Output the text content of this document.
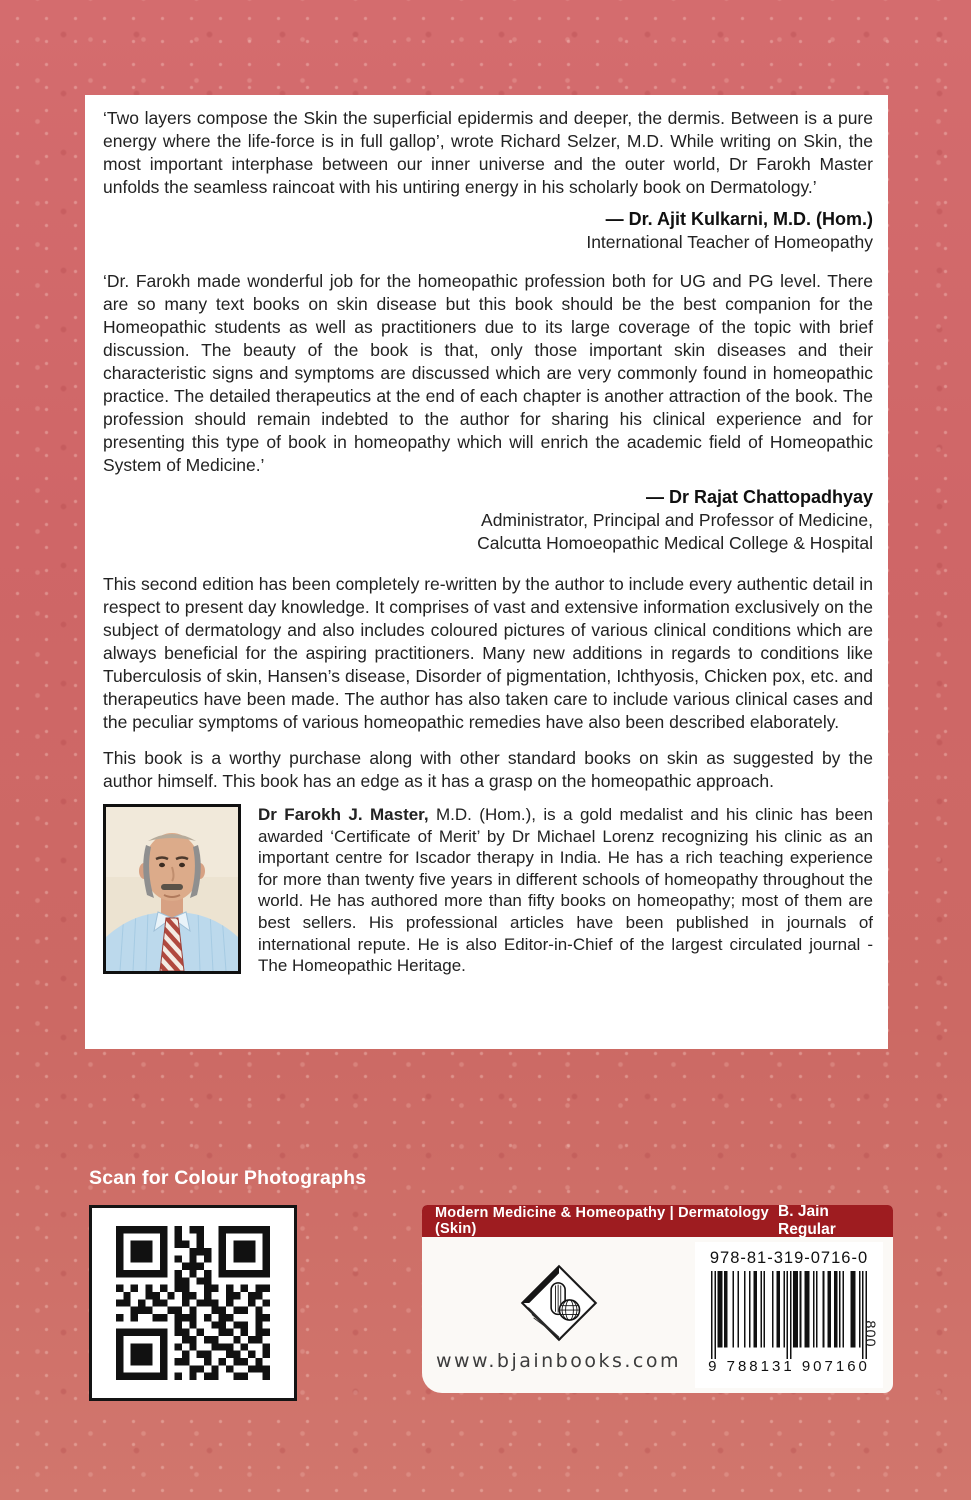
‘Two layers compose the Skin the superficial epidermis and deeper, the dermis. Between is a pure energy where the life-force is in full gallop’, wrote Richard Selzer, M.D. While writing on Skin, the most important interphase between our inner universe and the outer world, Dr Farokh Master unfolds the seamless raincoat with his untiring energy in his scholarly book on Dermatology.’

— Dr. Ajit Kulkarni, M.D. (Hom.)

International Teacher of Homeopathy

‘Dr. Farokh made wonderful job for the homeopathic profession both for UG and PG level. There are so many text books on skin disease but this book should be the best companion for the Homeopathic students as well as practitioners due to its large coverage of the topic with brief discussion. The beauty of the book is that, only those important skin diseases and their characteristic signs and symptoms are discussed which are very commonly found in homeopathic practice. The detailed therapeutics at the end of each chapter is another attraction of the book. The profession should remain indebted to the author for sharing his clinical experience and for presenting this type of book in homeopathy which will enrich the academic field of Homeopathic System of Medicine.’

— Dr Rajat Chattopadhyay

Administrator, Principal and Professor of Medicine,

Calcutta Homoeopathic Medical College & Hospital

This second edition has been completely re-written by the author to include every authentic detail in respect to present day knowledge. It comprises of vast and extensive information exclusively on the subject of dermatology and also includes coloured pictures of various clinical conditions which are always beneficial for the aspiring practitioners. Many new additions in regards to conditions like Tuberculosis of skin, Hansen’s disease, Disorder of pigmentation, Ichthyosis, Chicken pox, etc. and therapeutics have been made. The author has also taken care to include various clinical cases and the peculiar symptoms of various homeopathic remedies have also been described elaborately.

This book is a worthy purchase along with other standard books on skin as suggested by the author himself. This book has an edge as it has a grasp on the homeopathic approach.

Dr Farokh J. Master, M.D. (Hom.), is a gold medalist and his clinic has been awarded ‘Certificate of Merit’ by Dr Michael Lorenz recognizing his clinic as an important centre for Iscador therapy in India. He has a rich teaching experience for more than twenty five years in different schools of homeopathy throughout the world. He has authored more than fifty books on homeopathy; most of them are best sellers. His professional articles have been published in journals of international repute. He is also Editor-in-Chief of the largest circulated journal - The Homeopathic Heritage.

Scan for Colour Photographs
Modern Medicine & Homeopathy | Dermatology (Skin)
B. Jain Regular
www.bjainbooks.com
978-81-319-0716-0
9 788131 907160
800
